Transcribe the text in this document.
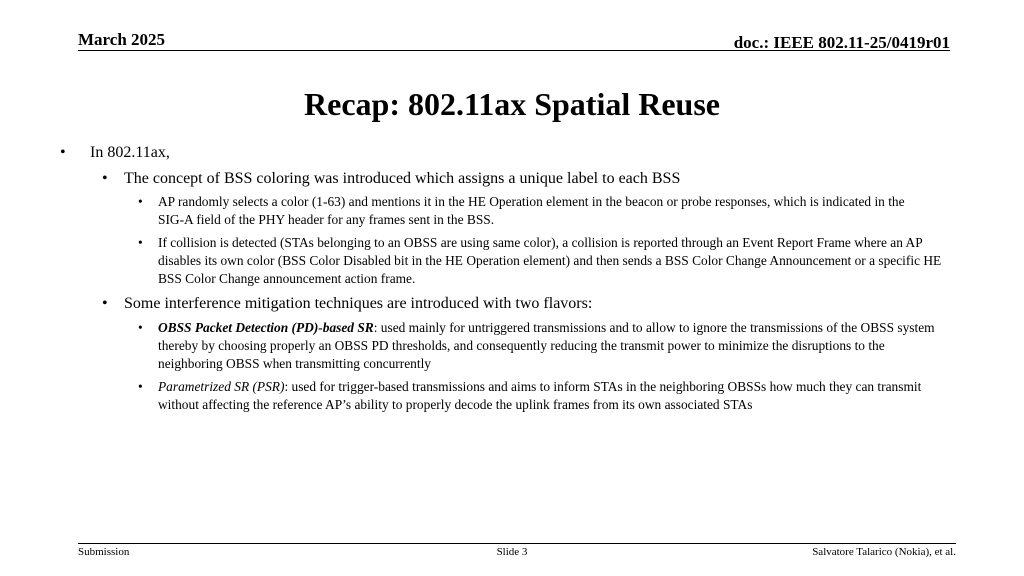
March 2025	doc.: IEEE 802.11-25/0419r01
Recap: 802.11ax Spatial Reuse
• In 802.11ax,

• The concept of BSS coloring was introduced which assigns a unique label to each BSS

• AP randomly selects a color (1-63) and mentions it in the HE Operation element in the beacon or probe responses, which is indicated in the SIG-A field of the PHY header for any frames sent in the BSS.

• If collision is detected (STAs belonging to an OBSS are using same color), a collision is reported through an Event Report Frame where an AP disables its own color (BSS Color Disabled bit in the HE Operation element) and then sends a BSS Color Change Announcement or a specific HE BSS Color Change announcement action frame.

• Some interference mitigation techniques are introduced with two flavors:

• OBSS Packet Detection (PD)-based SR: used mainly for untriggered transmissions and to allow to ignore the transmissions of the OBSS system thereby by choosing properly an OBSS PD thresholds, and consequently reducing the transmit power to minimize the disruptions to the neighboring OBSS when transmitting concurrently

• Parametrized SR (PSR): used for trigger-based transmissions and aims to inform STAs in the neighboring OBSSs how much they can transmit without affecting the reference AP’s ability to properly decode the uplink frames from its own associated STAs

Submission	Slide 3	Salvatore Talarico (Nokia), et al.
